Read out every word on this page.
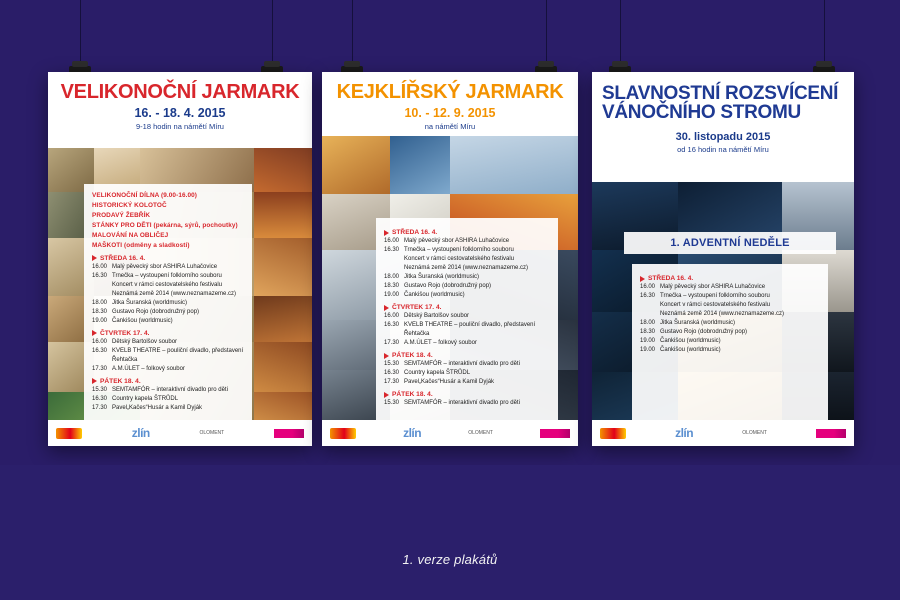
VELIKONOČNÍ JARMARK
16. - 18. 4. 2015
9-18 hodin na námětí Míru
VELIKONOČNÍ DÍLNA (9.00-16.00)
HISTORICKÝ KOLOTOČ
PRODAVÝ ŽEBŘÍK
STÁNKY PRO DĚTI (pekárna, sýrů, pochoutky)
MALOVÁNÍ NA OBLIČEJ
MAŠKOTI (odměny a sladkosti)
STŘEDA 16. 4.
16.00 Malý pěvecký sbor ASHIRA Luhačovice
16.30 Trnečka – vystoupení folklorního souboru
Koncert v rámci cestovatelského festivalu
Neznámá země 2014 (www.neznamazeme.cz)
18.00 Jitka Šuranská (worldmusic)
18.30 Gustavo Rojo (dobrodružný pop)
19.00 Čankišou (worldmusic)
ČTVRTEK 17. 4.
16.00 Dětský Bartolšov soubor
16.30 KVELB THEATRE – pouliční divadlo, představení Řehtačka
17.30 A.M.ÚLET – folkový soubor
PÁTEK 18. 4.
15.30 SEMTAMFÓR – interaktivní divadlo pro děti
16.30 Country kapela ŠTRŮDL
17.30 Pavel„Kačes“Husár a Kamil Dyják
zlín	OLOMENT
KEJKLÍŘSKÝ JARMARK
10. - 12. 9. 2015
na námětí Míru
STŘEDA 16. 4.
16.00 Malý pěvecký sbor ASHIRA Luhačovice
16.30 Trnečka – vystoupení folklorního souboru
Koncert v rámci cestovatelského festivalu
Neznámá země 2014 (www.neznamazeme.cz)
18.00 Jitka Šuranská (worldmusic)
18.30 Gustavo Rojo (dobrodružný pop)
19.00 Čankišou (worldmusic)
ČTVRTEK 17. 4.
16.00 Dětský Bartolšov soubor
16.30 KVELB THEATRE – pouliční divadlo, představení Řehtačka
17.30 A.M.ÚLET – folkový soubor
PÁTEK 18. 4.
15.30 SEMTAMFÓR – interaktivní divadlo pro děti
16.30 Country kapela ŠTRŮDL
17.30 Pavel„Kačes“Husár a Kamil Dyják
PÁTEK 18. 4.
15.30 SEMTAMFÓR – interaktivní divadlo pro děti
zlín	OLOMENT
SLAVNOSTNÍ ROZSVÍCENÍ
VÁNOČNÍHO STROMU
30. listopadu 2015
od 16 hodin na námětí Míru
1. ADVENTNÍ NEDĚLE
STŘEDA 16. 4.
16.00 Malý pěvecký sbor ASHIRA Luhačovice
16.30 Trnečka – vystoupení folklorního souboru
Koncert v rámci cestovatelského festivalu
Neznámá země 2014 (www.neznamazeme.cz)
18.00 Jitka Šuranská (worldmusic)
18.30 Gustavo Rojo (dobrodružný pop)
19.00 Čankišou (worldmusic)
19.00 Čankišou (worldmusic)
zlín	OLOMENT
1. verze plakátů
